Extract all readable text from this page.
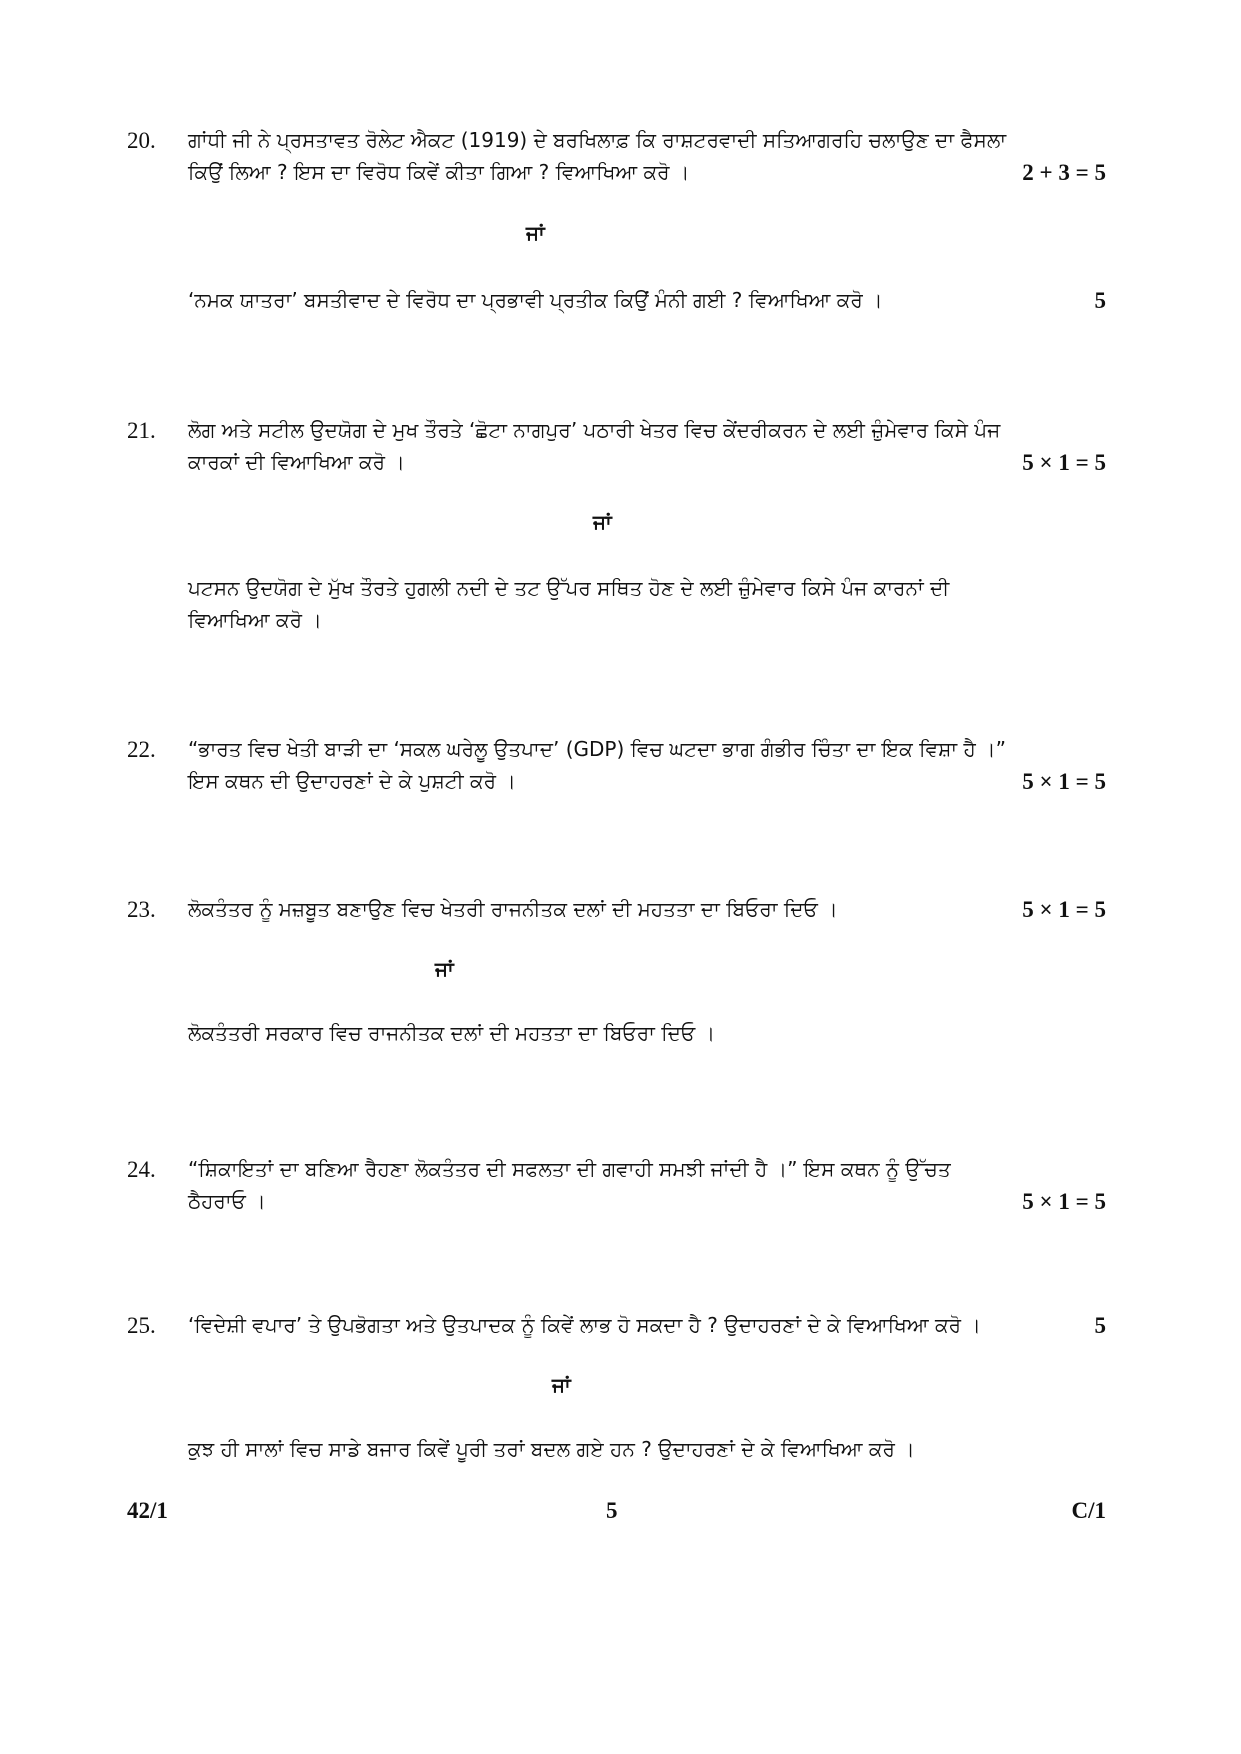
20. ਗਾਂਧੀ ਜੀ ਨੇ ਪ੍ਰਸਤਾਵਤ ਰੋਲੇਟ ਐਕਟ (1919) ਦੇ ਬਰਖਿਲਾਫ਼ ਕਿ ਰਾਸ਼ਟਰਵਾਦੀ ਸਤਿਆਗਰਹਿ ਚਲਾਉਣ ਦਾ ਫੈਸਲਾ
ਕਿਉਂ ਲਿਆ ? ਇਸ ਦਾ ਵਿਰੋਧ ਕਿਵੇਂ ਕੀਤਾ ਗਿਆ ? ਵਿਆਖਿਆ ਕਰੋ ।	2 + 3 = 5
ਜਾਂ
‘ਨਮਕ ਯਾਤਰਾ’ ਬਸਤੀਵਾਦ ਦੇ ਵਿਰੋਧ ਦਾ ਪ੍ਰਭਾਵੀ ਪ੍ਰਤੀਕ ਕਿਉਂ ਮੰਨੀ ਗਈ ? ਵਿਆਖਿਆ ਕਰੋ ।	5
21. ਲੋਗ ਅਤੇ ਸਟੀਲ ਉਦਯੋਗ ਦੇ ਮੁਖ ਤੌਰਤੇ ‘ਛੋਟਾ ਨਾਗਪੁਰ’ ਪਠਾਰੀ ਖੇਤਰ ਵਿਚ ਕੇਂਦਰੀਕਰਨ ਦੇ ਲਈ ਜ਼ੁੰਮੇਵਾਰ ਕਿਸੇ ਪੰਜ
ਕਾਰਕਾਂ ਦੀ ਵਿਆਖਿਆ ਕਰੋ ।	5 × 1 = 5
ਜਾਂ
ਪਟਸਨ ਉਦਯੋਗ ਦੇ ਮੁੱਖ ਤੌਰਤੇ ਹੁਗਲੀ ਨਦੀ ਦੇ ਤਟ ਉੱਪਰ ਸਥਿਤ ਹੋਣ ਦੇ ਲਈ ਜ਼ੁੰਮੇਵਾਰ ਕਿਸੇ ਪੰਜ ਕਾਰਨਾਂ ਦੀ
ਵਿਆਖਿਆ ਕਰੋ ।
22. “ਭਾਰਤ ਵਿਚ ਖੇਤੀ ਬਾੜੀ ਦਾ ‘ਸਕਲ ਘਰੇਲੂ ਉਤਪਾਦ’ (GDP) ਵਿਚ ਘਟਦਾ ਭਾਗ ਗੰਭੀਰ ਚਿੰਤਾ ਦਾ ਇਕ ਵਿਸ਼ਾ ਹੈ ।”
ਇਸ ਕਥਨ ਦੀ ਉਦਾਹਰਣਾਂ ਦੇ ਕੇ ਪੁਸ਼ਟੀ ਕਰੋ ।	5 × 1 = 5
23. ਲੋਕਤੰਤਰ ਨੂੰ ਮਜ਼ਬੂਤ ਬਣਾਉਣ ਵਿਚ ਖੇਤਰੀ ਰਾਜਨੀਤਕ ਦਲਾਂ ਦੀ ਮਹਤਤਾ ਦਾ ਬਿਓਰਾ ਦਿਓ ।	5 × 1 = 5
ਜਾਂ
ਲੋਕਤੰਤਰੀ ਸਰਕਾਰ ਵਿਚ ਰਾਜਨੀਤਕ ਦਲਾਂ ਦੀ ਮਹਤਤਾ ਦਾ ਬਿਓਰਾ ਦਿਓ ।
24. “ਸ਼ਿਕਾਇਤਾਂ ਦਾ ਬਣਿਆ ਰੈਹਣਾ ਲੋਕਤੰਤਰ ਦੀ ਸਫਲਤਾ ਦੀ ਗਵਾਹੀ ਸਮਝੀ ਜਾਂਦੀ ਹੈ ।” ਇਸ ਕਥਨ ਨੂੰ ਉੱਚਤ
ਠੈਹਰਾਓ ।	5 × 1 = 5
25. ‘ਵਿਦੇਸ਼ੀ ਵਪਾਰ’ ਤੇ ਉਪਭੋਗਤਾ ਅਤੇ ਉਤਪਾਦਕ ਨੂੰ ਕਿਵੇਂ ਲਾਭ ਹੋ ਸਕਦਾ ਹੈ ? ਉਦਾਹਰਣਾਂ ਦੇ ਕੇ ਵਿਆਖਿਆ ਕਰੋ ।	5
ਜਾਂ
ਕੁਝ ਹੀ ਸਾਲਾਂ ਵਿਚ ਸਾਡੇ ਬਜਾਰ ਕਿਵੇਂ ਪੂਰੀ ਤਰਾਂ ਬਦਲ ਗਏ ਹਨ ? ਉਦਾਹਰਣਾਂ ਦੇ ਕੇ ਵਿਆਖਿਆ ਕਰੋ ।
42/1	5	C/1
